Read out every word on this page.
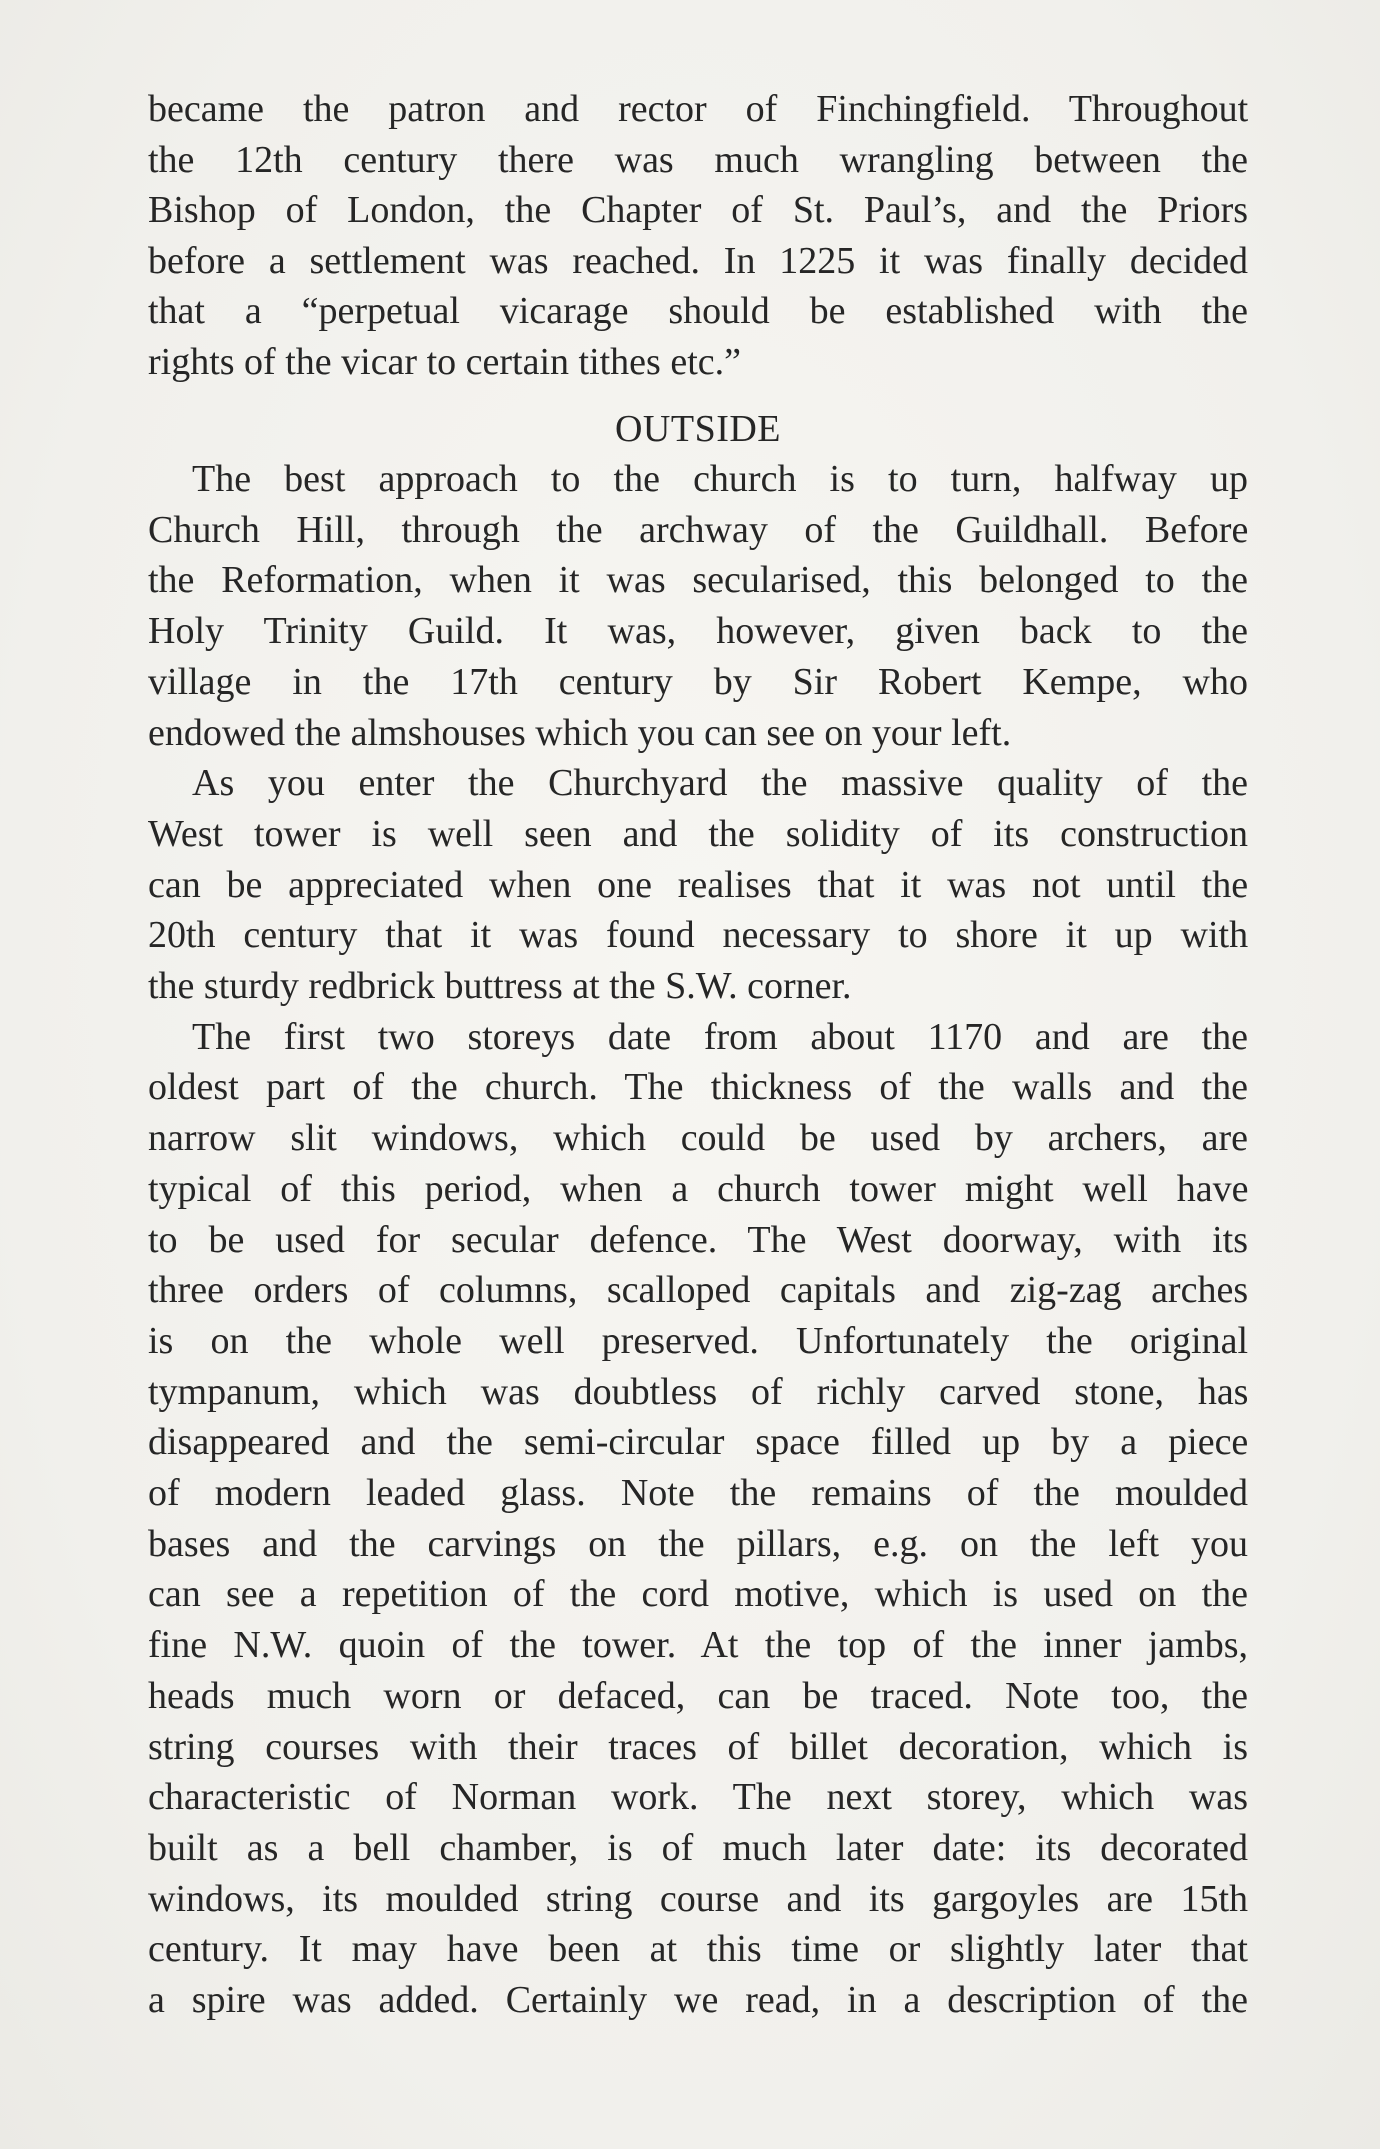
became the patron and rector of Finchingfield. Throughout
the 12th century there was much wrangling between the
Bishop of London, the Chapter of St. Paul’s, and the Priors
before a settlement was reached. In 1225 it was finally decided
that a “perpetual vicarage should be established with the
rights of the vicar to certain tithes etc.”
OUTSIDE
The best approach to the church is to turn, halfway up
Church Hill, through the archway of the Guildhall. Before
the Reformation, when it was secularised, this belonged to the
Holy Trinity Guild. It was, however, given back to the
village in the 17th century by Sir Robert Kempe, who
endowed the almshouses which you can see on your left.
As you enter the Churchyard the massive quality of the
West tower is well seen and the solidity of its construction
can be appreciated when one realises that it was not until the
20th century that it was found necessary to shore it up with
the sturdy redbrick buttress at the S.W. corner.
The first two storeys date from about 1170 and are the
oldest part of the church. The thickness of the walls and the
narrow slit windows, which could be used by archers, are
typical of this period, when a church tower might well have
to be used for secular defence. The West doorway, with its
three orders of columns, scalloped capitals and zig-zag arches
is on the whole well preserved. Unfortunately the original
tympanum, which was doubtless of richly carved stone, has
disappeared and the semi-circular space filled up by a piece
of modern leaded glass. Note the remains of the moulded
bases and the carvings on the pillars, e.g. on the left you
can see a repetition of the cord motive, which is used on the
fine N.W. quoin of the tower. At the top of the inner jambs,
heads much worn or defaced, can be traced. Note too, the
string courses with their traces of billet decoration, which is
characteristic of Norman work. The next storey, which was
built as a bell chamber, is of much later date: its decorated
windows, its moulded string course and its gargoyles are 15th
century. It may have been at this time or slightly later that
a spire was added. Certainly we read, in a description of the
